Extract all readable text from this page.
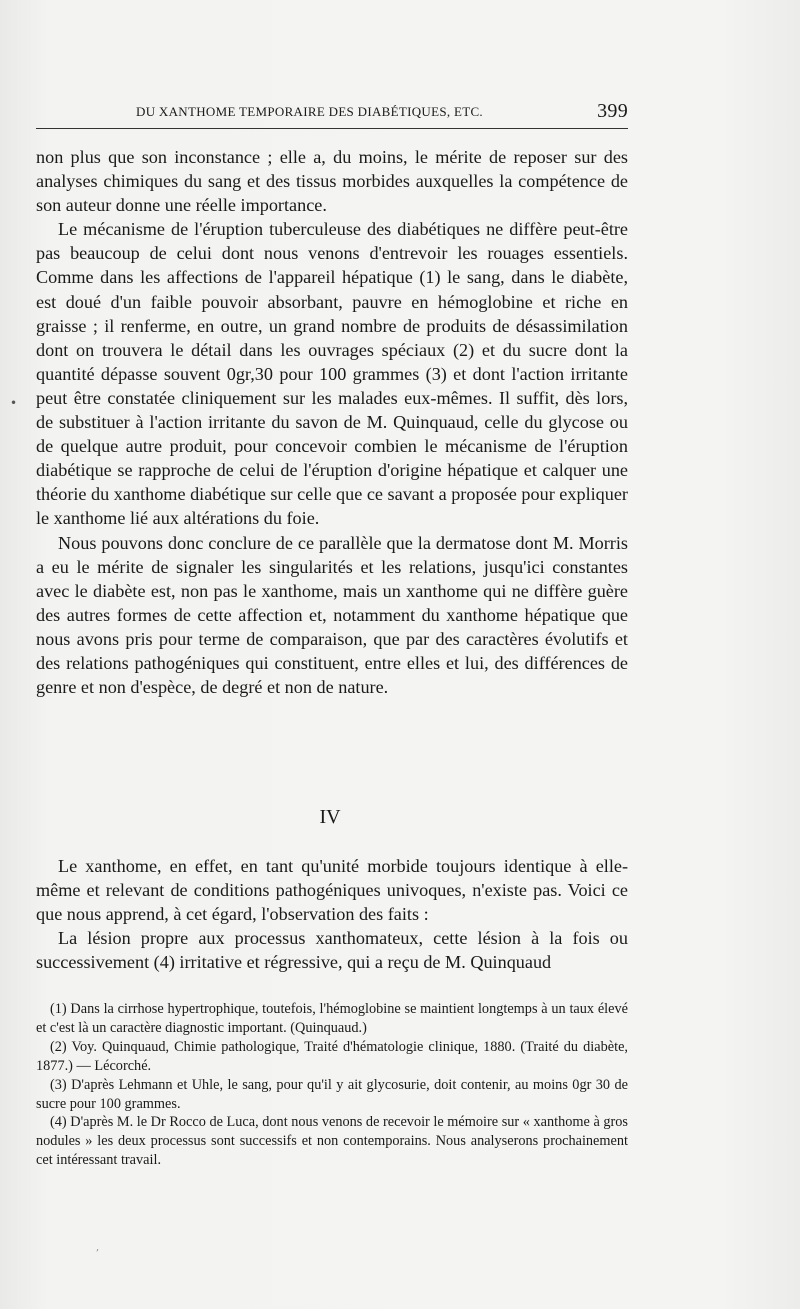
DU XANTHOME TEMPORAIRE DES DIABÉTIQUES, ETC.	399
•

non plus que son inconstance ; elle a, du moins, le mérite de reposer sur des analyses chimiques du sang et des tissus morbides auxquelles la compétence de son auteur donne une réelle importance.

Le mécanisme de l'éruption tuberculeuse des diabétiques ne diffère peut-être pas beaucoup de celui dont nous venons d'entrevoir les rouages essentiels. Comme dans les affections de l'appareil hépatique (1) le sang, dans le diabète, est doué d'un faible pouvoir absorbant, pauvre en hémoglobine et riche en graisse ; il renferme, en outre, un grand nombre de produits de désassimilation dont on trouvera le détail dans les ouvrages spéciaux (2) et du sucre dont la quantité dépasse souvent 0gr,30 pour 100 grammes (3) et dont l'action irritante peut être constatée cliniquement sur les malades eux-mêmes. Il suffit, dès lors, de substituer à l'action irritante du savon de M. Quinquaud, celle du glycose ou de quelque autre produit, pour concevoir combien le mécanisme de l'éruption diabétique se rapproche de celui de l'éruption d'origine hépatique et calquer une théorie du xanthome diabétique sur celle que ce savant a proposée pour expliquer le xanthome lié aux altérations du foie.

Nous pouvons donc conclure de ce parallèle que la dermatose dont M. Morris a eu le mérite de signaler les singularités et les relations, jusqu'ici constantes avec le diabète est, non pas le xanthome, mais un xanthome qui ne diffère guère des autres formes de cette affection et, notamment du xanthome hépatique que nous avons pris pour terme de comparaison, que par des caractères évolutifs et des relations pathogéniques qui constituent, entre elles et lui, des différences de genre et non d'espèce, de degré et non de nature.

IV

Le xanthome, en effet, en tant qu'unité morbide toujours identique à elle-même et relevant de conditions pathogéniques univoques, n'existe pas. Voici ce que nous apprend, à cet égard, l'observation des faits :

La lésion propre aux processus xanthomateux, cette lésion à la fois ou successivement (4) irritative et régressive, qui a reçu de M. Quinquaud

(1) Dans la cirrhose hypertrophique, toutefois, l'hémoglobine se maintient longtemps à un taux élevé et c'est là un caractère diagnostic important. (Quinquaud.)

(2) Voy. Quinquaud, Chimie pathologique, Traité d'hématologie clinique, 1880. (Traité du diabète, 1877.) — Lécorché.

(3) D'après Lehmann et Uhle, le sang, pour qu'il y ait glycosurie, doit contenir, au moins 0gr 30 de sucre pour 100 grammes.

(4) D'après M. le Dr Rocco de Luca, dont nous venons de recevoir le mémoire sur « xanthome à gros nodules » les deux processus sont successifs et non contemporains. Nous analyserons prochainement cet intéressant travail.

,
